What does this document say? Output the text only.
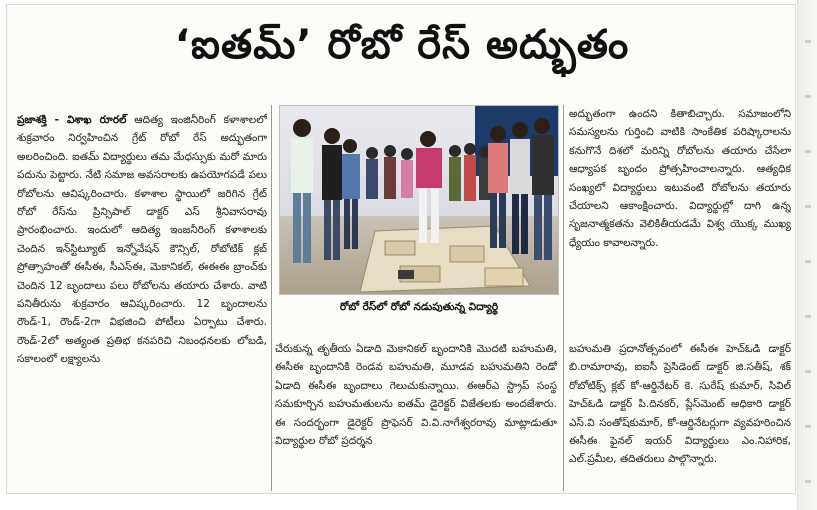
‘ఐతమ్’ రోబో రేస్ అద్భుతం
ప్రజాశక్తి - విశాఖ రూరల్ ఆదిత్య ఇంజినీరింగ్ కళాశాలలో శుక్రవారం నిర్వహించిన గ్రేట్ రోబో రేస్ అద్భుతంగా అలరించింది. ఐతమ్ విద్యార్థులు తమ మేధస్సుకు మరో మారు పదును పెట్టారు. నేటి సమాజ అవసరాలకు ఉపయోగపడే పలు రోబోలను ఆవిష్కరించారు. కళాశాల స్థాయిలో జరిగిన గ్రేట్ రోబో రేస్‌ను ప్రిన్సిపాల్ డాక్టర్ ఎస్ శ్రీనివాసరావు ప్రారంభించారు. ఇందులో ఆదిత్య ఇంజనీరింగ్ కళాశాలకు చెందిన ఇన్‌స్టిట్యూట్ ఇన్నోవేషన్ కౌన్సిల్, రోబోటిక్ క్లబ్ ప్రోత్సాహంతో ఈసీఈ, సీఎస్ఈ, మెకానికల్, ఈఈఈ బ్రాంచ్‌కు చెందిన 12 బృందాలు పలు రోబోలను తయారు చేశారు. వాటి పనితీరును శుక్రవారం ఆవిష్కరించారు. 12 బృందాలను రౌండ్-1, రౌండ్-2గా విభజించి పోటీలు ఏర్పాటు చేశారు. రౌండ్-2లో అత్యంత ప్రతిభ కనపరిచి నిబంధనలకు లోబడి, సకాలంలో లక్ష్యాలను
రోబో రేస్‌లో రోబో నడుపుతున్న విద్యార్థి
అద్భుతంగా ఉందని కితాబిచ్చారు. సమాజంలోని సమస్యలను గుర్తించి వాటికి సాంకేతిక పరిష్కారాలను కనుగొనే దిశలో మరిన్ని రోబోలను తయారు చేసేలా ఆధ్యాపక బృందం ప్రోత్సహించాలన్నారు. ఆత్యధిక సంఖ్యలో విద్యార్థులు ఇటువంటి రోబోలను తయారు చేయాలని ఆకాంక్షించారు. విద్యార్థుల్లో దాగి ఉన్న సృజనాత్మకతను వెలికితీయడమే విశ్వ యొక్క ముఖ్య ధ్యేయం కావాలన్నారు.
చేరుకున్న తృతీయ ఏడాది మెకానికల్ బృందానికి మొదటి బహుమతి, ఈసీఈ బృందానికి రెండవ బహుమతి, మూడవ బహుమతిని రెండో ఏడాది ఈసీఈ బృందాలు గెలుచుకున్నాయి. ఈఆర్ఎ స్ట్రాప్ సంస్థ సమకూర్చిన బహుమతులను ఐతమ్ డైరెక్టర్ విజేతలకు అందజేశారు. ఈ సందర్భంగా డైరెక్టర్ ప్రొఫెసర్ వి.వి.నాగేశ్వరరావు మాట్లాడుతూ విద్యార్థుల రోబో ప్రదర్శన
బహుమతి ప్రదానోత్సవంలో ఈసీఈ హెచ్‌ఓడి డాక్టర్ బి.రామారావు, ఐఐసీ ప్రెసిడెంట్ డాక్టర్ జి.సతీష్, శక్ రోబోటిక్స్ క్లబ్ కో-ఆర్డినేటర్ కె. సురేష్ కుమార్, సివిల్ హెచ్‌ఓడి డాక్టర్ పి.దినకర్, ప్లేస్‌మెంట్ అధికారి డాక్టర్ ఎస్.వి సంతోష్‌కుమార్, కో-ఆర్డినేటర్లుగా వ్యవహరించిన ఈసీఈ ఫైనల్ ఇయర్ విద్యార్థులు ఎం.నిహారిక, ఎల్.ప్రమీల, తదితరులు పాల్గొన్నారు.
